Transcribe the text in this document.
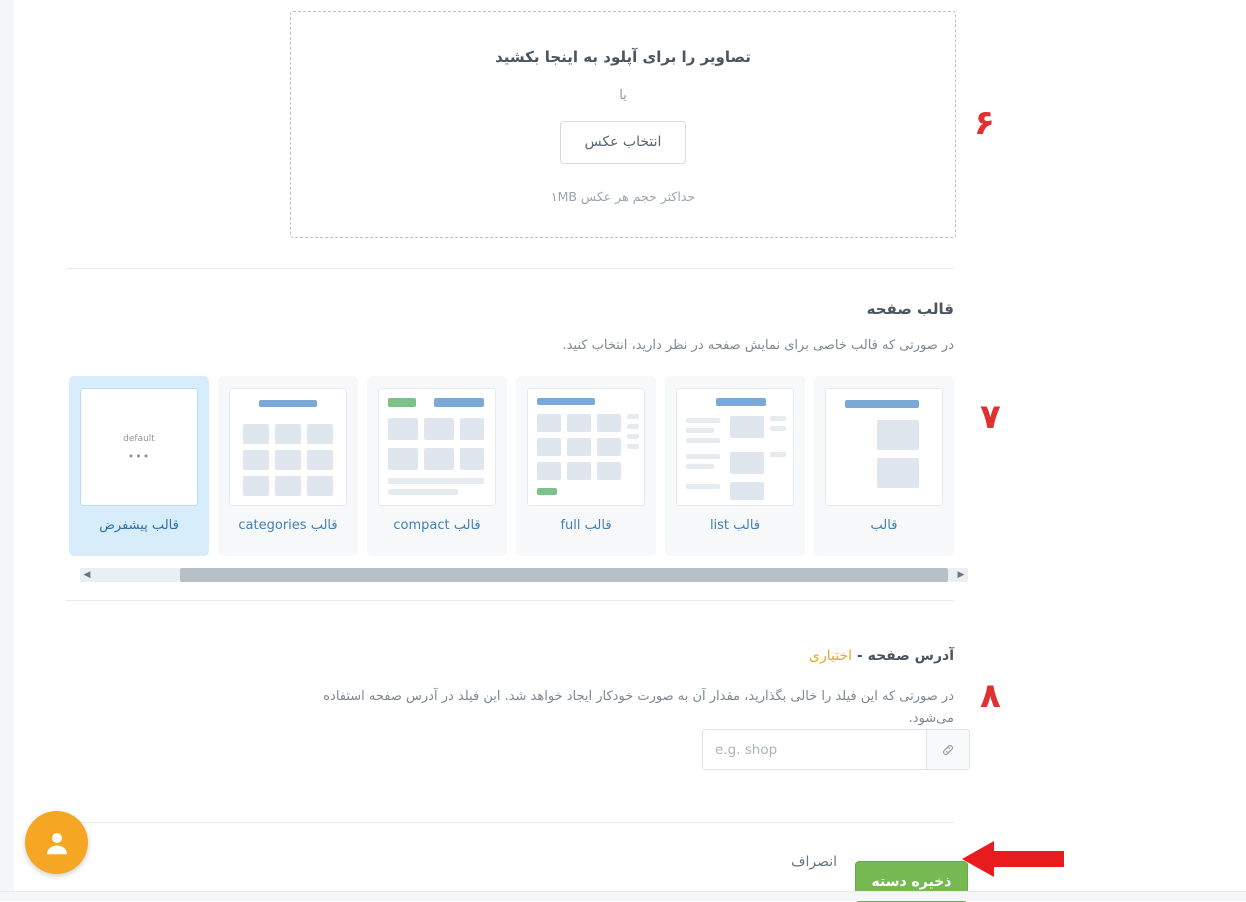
تصاویر را برای آپلود به اینجا بکشید
یا
انتخاب عکس
حداکثر حجم هر عکس ۱MB
قالب صفحه
در صورتی که قالب خاصی برای نمایش صفحه در نظر دارید، انتخاب کنید.
default
•••
قالب پیشفرض	قالب categories	قالب compact	قالب full	قالب list	قالب
◀	▶
آدرس صفحه - اختیاری
در صورتی که این فیلد را خالی بگذارید، مقدار آن به صورت خودکار ایجاد خواهد شد. این فیلد در آدرس صفحه استفاده می‌شود.
e.g. shop
ذخیره دسته
انصراف
۶
۷
۸
